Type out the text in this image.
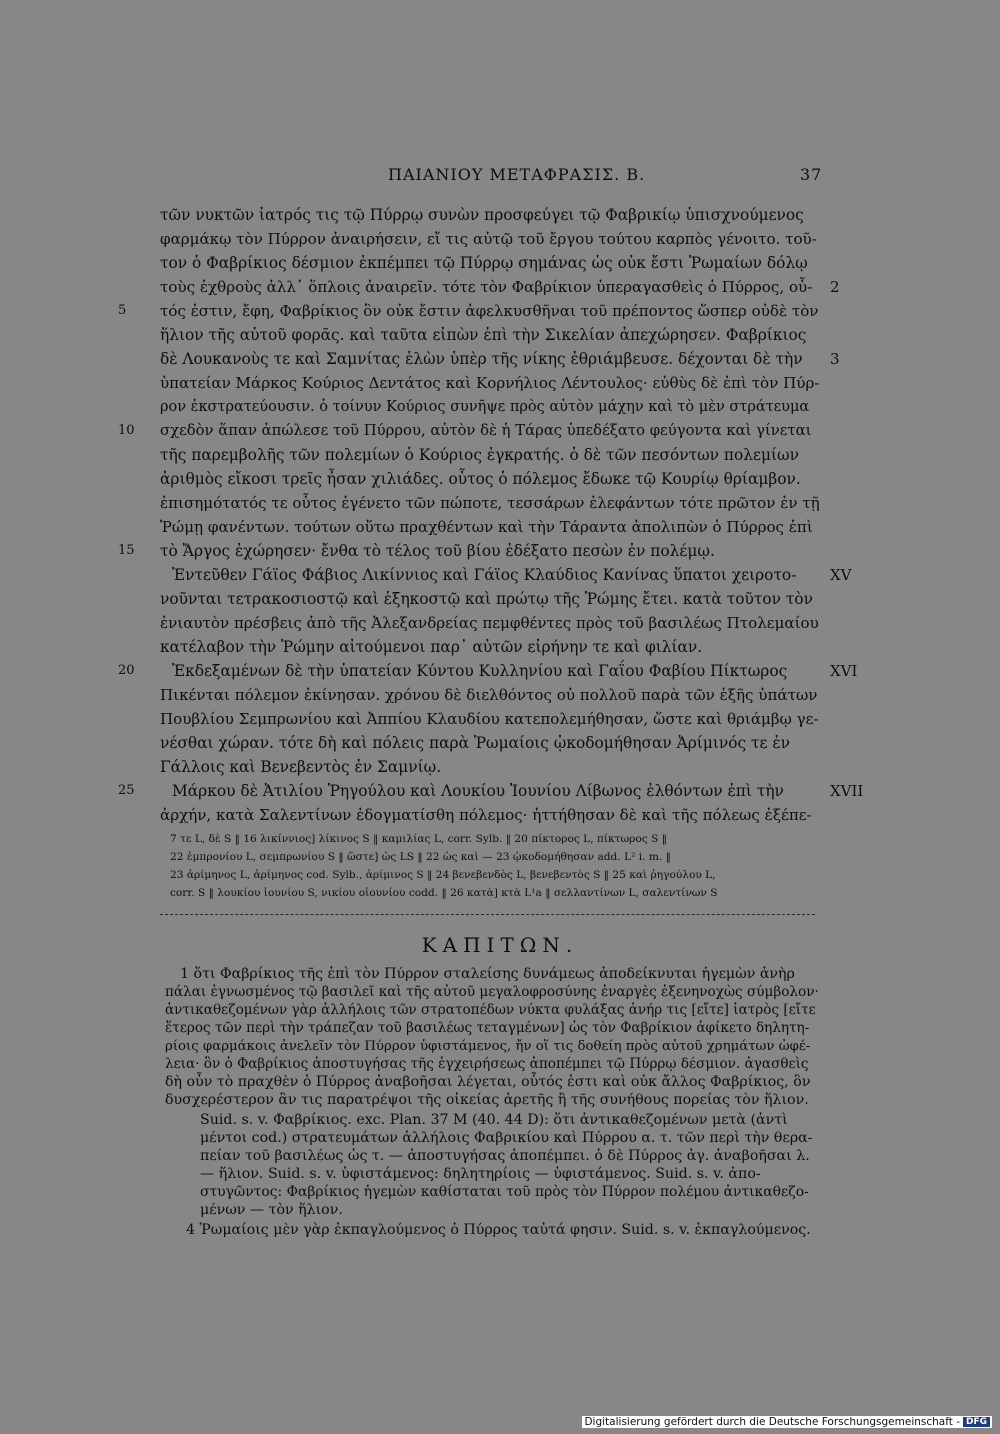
ΠΑΙΑΝΙΟΥ ΜΕΤΑΦΡΑΣΙΣ. Β.	37
τῶν νυκτῶν ἰατρός τις τῷ Πύρρῳ συνὼν προσφεύγει τῷ Φαβρικίῳ ὑπισχνούμενος
φαρμάκῳ τὸν Πύρρον ἀναιρήσειν, εἴ τις αὐτῷ τοῦ ἔργου τούτου καρπὸς γένοιτο. τοῦ-
τον ὁ Φαβρίκιος δέσμιον ἐκπέμπει τῷ Πύρρῳ σημάνας ὡς οὐκ ἔστι Ῥωμαίων δόλῳ
τοὺς ἐχθροὺς ἀλλ᾽ ὅπλοις ἀναιρεῖν. τότε τὸν Φαβρίκιον ὑπεραγασθεὶς ὁ Πύρρος, οὗ-
τός ἐστιν, ἔφη, Φαβρίκιος ὃν οὐκ ἔστιν ἀφελκυσθῆναι τοῦ πρέποντος ὥσπερ οὐδὲ τὸν
ἥλιον τῆς αὐτοῦ φορᾶς. καὶ ταῦτα εἰπὼν ἐπὶ τὴν Σικελίαν ἀπεχώρησεν. Φαβρίκιος
δὲ Λουκανοὺς τε καὶ Σαμνίτας ἑλὼν ὑπὲρ τῆς νίκης ἐθριάμβευσε. δέχονται δὲ τὴν
ὑπατείαν Μάρκος Κούριος Δεντάτος καὶ Κορνήλιος Λέντουλος· εὐθὺς δὲ ἐπὶ τὸν Πύρ-
ρον ἐκστρατεύουσιν. ὁ τοίνυν Κούριος συνῆψε πρὸς αὐτὸν μάχην καὶ τὸ μὲν στράτευμα
σχεδὸν ἅπαν ἀπώλεσε τοῦ Πύρρου, αὐτὸν δὲ ἡ Τάρας ὑπεδέξατο φεύγοντα καὶ γίνεται
τῆς παρεμβολῆς τῶν πολεμίων ὁ Κούριος ἐγκρατής. ὁ δὲ τῶν πεσόντων πολεμίων
ἀριθμὸς εἴκοσι τρεῖς ἦσαν χιλιάδες. οὗτος ὁ πόλεμος ἔδωκε τῷ Κουρίῳ θρίαμβον.
ἐπισημότατός τε οὗτος ἐγένετο τῶν πώποτε, τεσσάρων ἐλεφάντων τότε πρῶτον ἐν τῇ
Ῥώμῃ φανέντων. τούτων οὕτω πραχθέντων καὶ τὴν Τάραντα ἀπολιπὼν ὁ Πύρρος ἐπὶ
τὸ Ἄργος ἐχώρησεν· ἔνθα τὸ τέλος τοῦ βίου ἐδέξατο πεσὼν ἐν πολέμῳ.
Ἐντεῦθεν Γάϊος Φάβιος Λικίννιος καὶ Γάϊος Κλαύδιος Κανίνας ὕπατοι χειροτο-
νοῦνται τετρακοσιοστῷ καὶ ἑξηκοστῷ καὶ πρώτῳ τῆς Ῥώμης ἔτει. κατὰ τοῦτον τὸν
ἐνιαυτὸν πρέσβεις ἀπὸ τῆς Ἀλεξανδρείας πεμφθέντες πρὸς τοῦ βασιλέως Πτολεμαίου
κατέλαβον τὴν Ῥώμην αἰτούμενοι παρ᾽ αὐτῶν εἰρήνην τε καὶ φιλίαν.
Ἐκδεξαμένων δὲ τὴν ὑπατείαν Κύντου Κυλληνίου καὶ Γαΐου Φαβίου Πίκτωρος
Πικένται πόλεμον ἐκίνησαν. χρόνου δὲ διελθόντος οὐ πολλοῦ παρὰ τῶν ἑξῆς ὑπάτων
Πουβλίου Σεμπρωνίου καὶ Ἀππίου Κλαυδίου κατεπολεμήθησαν, ὥστε καὶ θριάμβῳ γε-
νέσθαι χώραν. τότε δὴ καὶ πόλεις παρὰ Ῥωμαίοις ᾠκοδομήθησαν Ἀρίμινός τε ἐν
Γάλλοις καὶ Βενεβεντὸς ἐν Σαμνίῳ.
Μάρκου δὲ Ἀτιλίου Ῥηγούλου καὶ Λουκίου Ἰουνίου Λίβωνος ἐλθόντων ἐπὶ τὴν
ἀρχήν, κατὰ Σαλεντίνων ἐδογματίσθη πόλεμος· ἡττήθησαν δὲ καὶ τῆς πόλεως ἐξέπε-
5
10
15
20
25
2
3
XV
XVI
XVII
7 τε L, δὲ S ‖ 16 λικίννιος] λίκινος S ‖ καμιλίας L, corr. Sylb. ‖ 20 πίκτορος L, πίκτωρος S ‖
22 ἐμπρονίου L, σεμπρωνίου S ‖ ὥστε] ὡς LS ‖ 22 ὡς καὶ — 23 ᾠκοδομήθησαν add. L² i. m. ‖
23 ἀρίμηνος L, ἀρίμηνος cod. Sylb., ἀρίμινος S ‖ 24 βενεβενδὸς L, βενεβεντὸς S ‖ 25 καὶ ῥηγούλου L,
corr. S ‖ λουκίου ἰουνίου S, νικίου οἰουνίου codd. ‖ 26 κατὰ] κτὰ L¹a ‖ σελλαντίνων L, σαλεντίνων S
ΚΑΠΙΤΩΝ.
1 ὅτι Φαβρίκιος τῆς ἐπὶ τὸν Πύρρον σταλείσης δυνάμεως ἀποδείκνυται ἡγεμὼν ἀνὴρ
πάλαι ἐγνωσμένος τῷ βασιλεῖ καὶ τῆς αὐτοῦ μεγαλοφροσύνης ἐναργὲς ἐξενηνοχὼς σύμβολον·
ἀντικαθεζομένων γὰρ ἀλλήλοις τῶν στρατοπέδων νύκτα φυλάξας ἀνήρ τις [εἴτε] ἰατρὸς [εἴτε
ἕτερος τῶν περὶ τὴν τράπεζαν τοῦ βασιλέως τεταγμένων] ὡς τὸν Φαβρίκιον ἀφίκετο δηλητη-
ρίοις φαρμάκοις ἀνελεῖν τὸν Πύρρον ὑφιστάμενος, ἤν οἵ τις δοθείη πρὸς αὐτοῦ χρημάτων ὠφέ-
λεια· ὃν ὁ Φαβρίκιος ἀποστυγήσας τῆς ἐγχειρήσεως ἀποπέμπει τῷ Πύρρῳ δέσμιον. ἀγασθεὶς
δὴ οὖν τὸ πραχθὲν ὁ Πύρρος ἀναβοῆσαι λέγεται, οὗτός ἐστι καὶ οὐκ ἄλλος Φαβρίκιος, ὃν
δυσχερέστερον ἂν τις παρατρέψοι τῆς οἰκείας ἀρετῆς ἢ τῆς συνήθους πορείας τὸν ἥλιον.
Suid. s. v. Φαβρίκιος. exc. Plan. 37 M (40. 44 D): ὅτι ἀντικαθεζομένων μετὰ (ἀντὶ
μέντοι cod.) στρατευμάτων ἀλλήλοις Φαβρικίου καὶ Πύρρου α. τ. τῶν περὶ τὴν θερα-
πείαν τοῦ βασιλέως ὡς τ. — ἀποστυγήσας ἀποπέμπει. ὁ δὲ Πύρρος ἀγ. ἀναβοῆσαι λ.
— ἥλιον. Suid. s. v. ὑφιστάμενος: δηλητηρίοις — ὑφιστάμενος. Suid. s. v. ἀπο-
στυγῶντος: Φαβρίκιος ἡγεμὼν καθίσταται τοῦ πρὸς τὸν Πύρρον πολέμου ἀντικαθεζο-
μένων — τὸν ἥλιον.
4 Ῥωμαίοις μὲν γὰρ ἐκπαγλούμενος ὁ Πύρρος ταὐτά φησιν. Suid. s. v. ἐκπαγλούμενος.
Digitalisierung gefördert durch die Deutsche Forschungsgemeinschaft - DFG
